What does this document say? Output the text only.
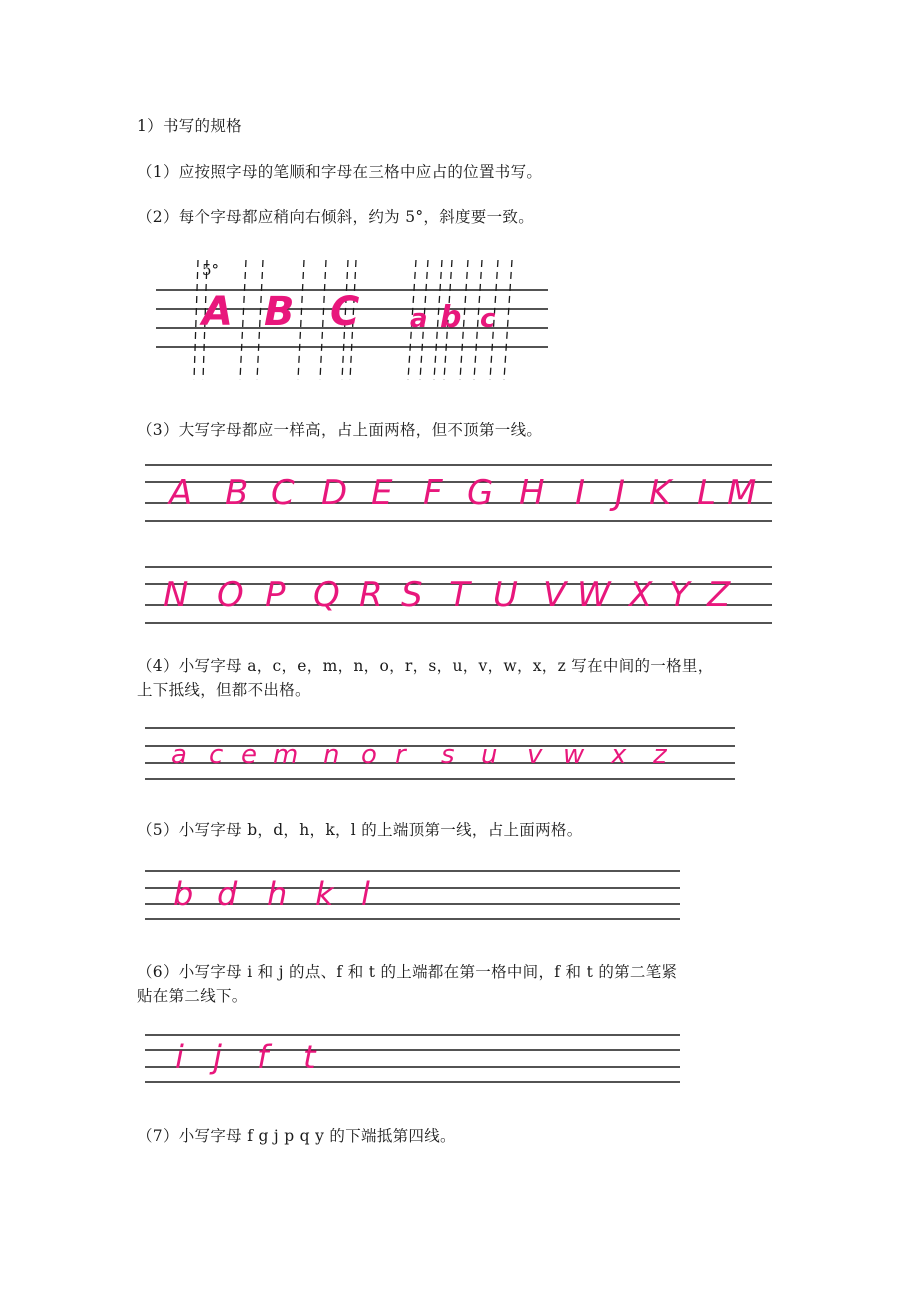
1）书写的规格
（1）应按照字母的笔顺和字母在三格中应占的位置书写。
（2）每个字母都应稍向右倾斜，约为 5°，斜度要一致。
5°
A B C a b c
（3）大写字母都应一样高，占上面两格，但不顶第一线。
A B C D E F G H I J K L M
N O P Q R S T U V W X Y Z
（4）小写字母 a，c，e，m，n，o，r，s，u，v，w，x，z 写在中间的一格里，
上下抵线，但都不出格。
a c e m n o r s u v w x z
（5）小写字母 b，d，h，k，l 的上端顶第一线，占上面两格。
b d h k l
（6）小写字母 i 和 j 的点、f 和 t 的上端都在第一格中间，f 和 t 的第二笔紧
贴在第二线下。
i j f t
（7）小写字母 f g j p q y 的下端抵第四线。
